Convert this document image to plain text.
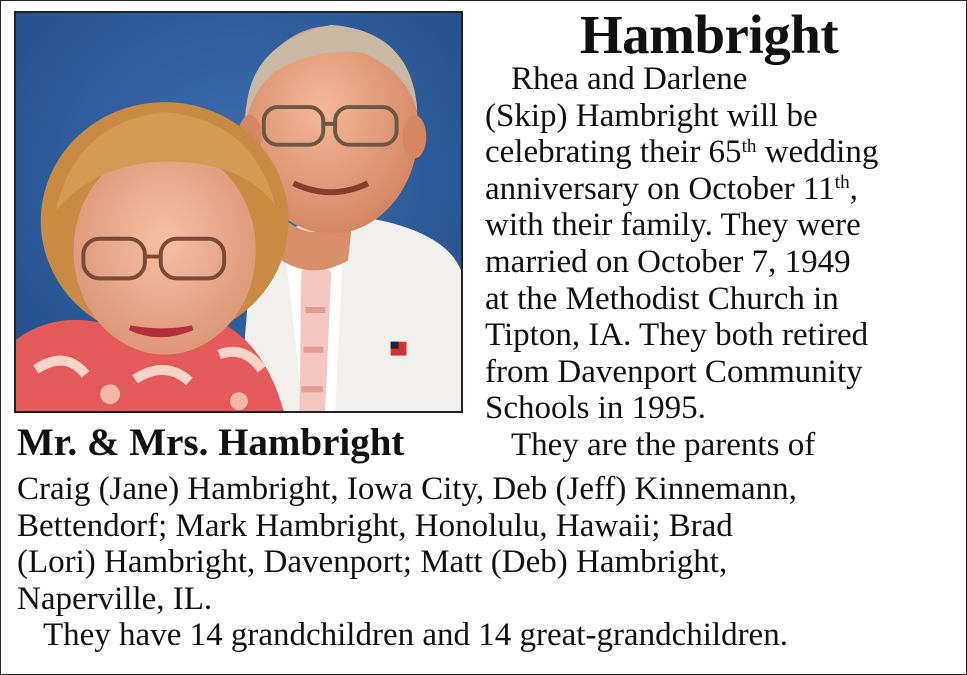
Mr. & Mrs. Hambright
Hambright
Rhea and Darlene
(Skip) Hambright will be
celebrating their 65th wedding
anniversary on October 11th,
with their family. They were
married on October 7, 1949
at the Methodist Church in
Tipton, IA. They both retired
from Davenport Community
Schools in 1995.
They are the parents of
Craig (Jane) Hambright, Iowa City, Deb (Jeff) Kinnemann,
Bettendorf; Mark Hambright, Honolulu, Hawaii; Brad
(Lori) Hambright, Davenport; Matt (Deb) Hambright,
Naperville, IL.
They have 14 grandchildren and 14 great-grandchildren.
